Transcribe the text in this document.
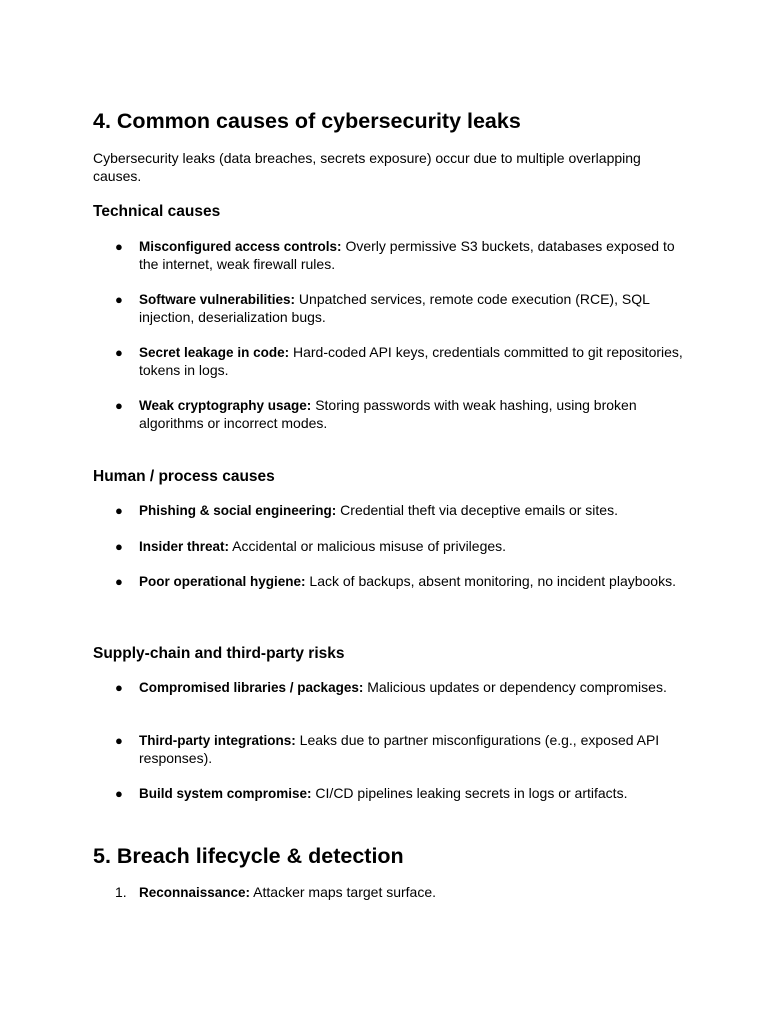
4. Common causes of cybersecurity leaks

Cybersecurity leaks (data breaches, secrets exposure) occur due to multiple overlapping causes.

Technical causes
●	Misconfigured access controls: Overly permissive S3 buckets, databases exposed to the internet, weak firewall rules.
●	Software vulnerabilities: Unpatched services, remote code execution (RCE), SQL injection, deserialization bugs.
●	Secret leakage in code: Hard-coded API keys, credentials committed to git repositories, tokens in logs.
●	Weak cryptography usage: Storing passwords with weak hashing, using broken algorithms or incorrect modes.
Human / process causes
●	Phishing & social engineering: Credential theft via deceptive emails or sites.
●	Insider threat: Accidental or malicious misuse of privileges.
●	Poor operational hygiene: Lack of backups, absent monitoring, no incident playbooks.
Supply-chain and third-party risks
●	Compromised libraries / packages: Malicious updates or dependency compromises.
●	Third-party integrations: Leaks due to partner misconfigurations (e.g., exposed API responses).
●	Build system compromise: CI/CD pipelines leaking secrets in logs or artifacts.
5. Breach lifecycle & detection
1. Reconnaissance: Attacker maps target surface.
